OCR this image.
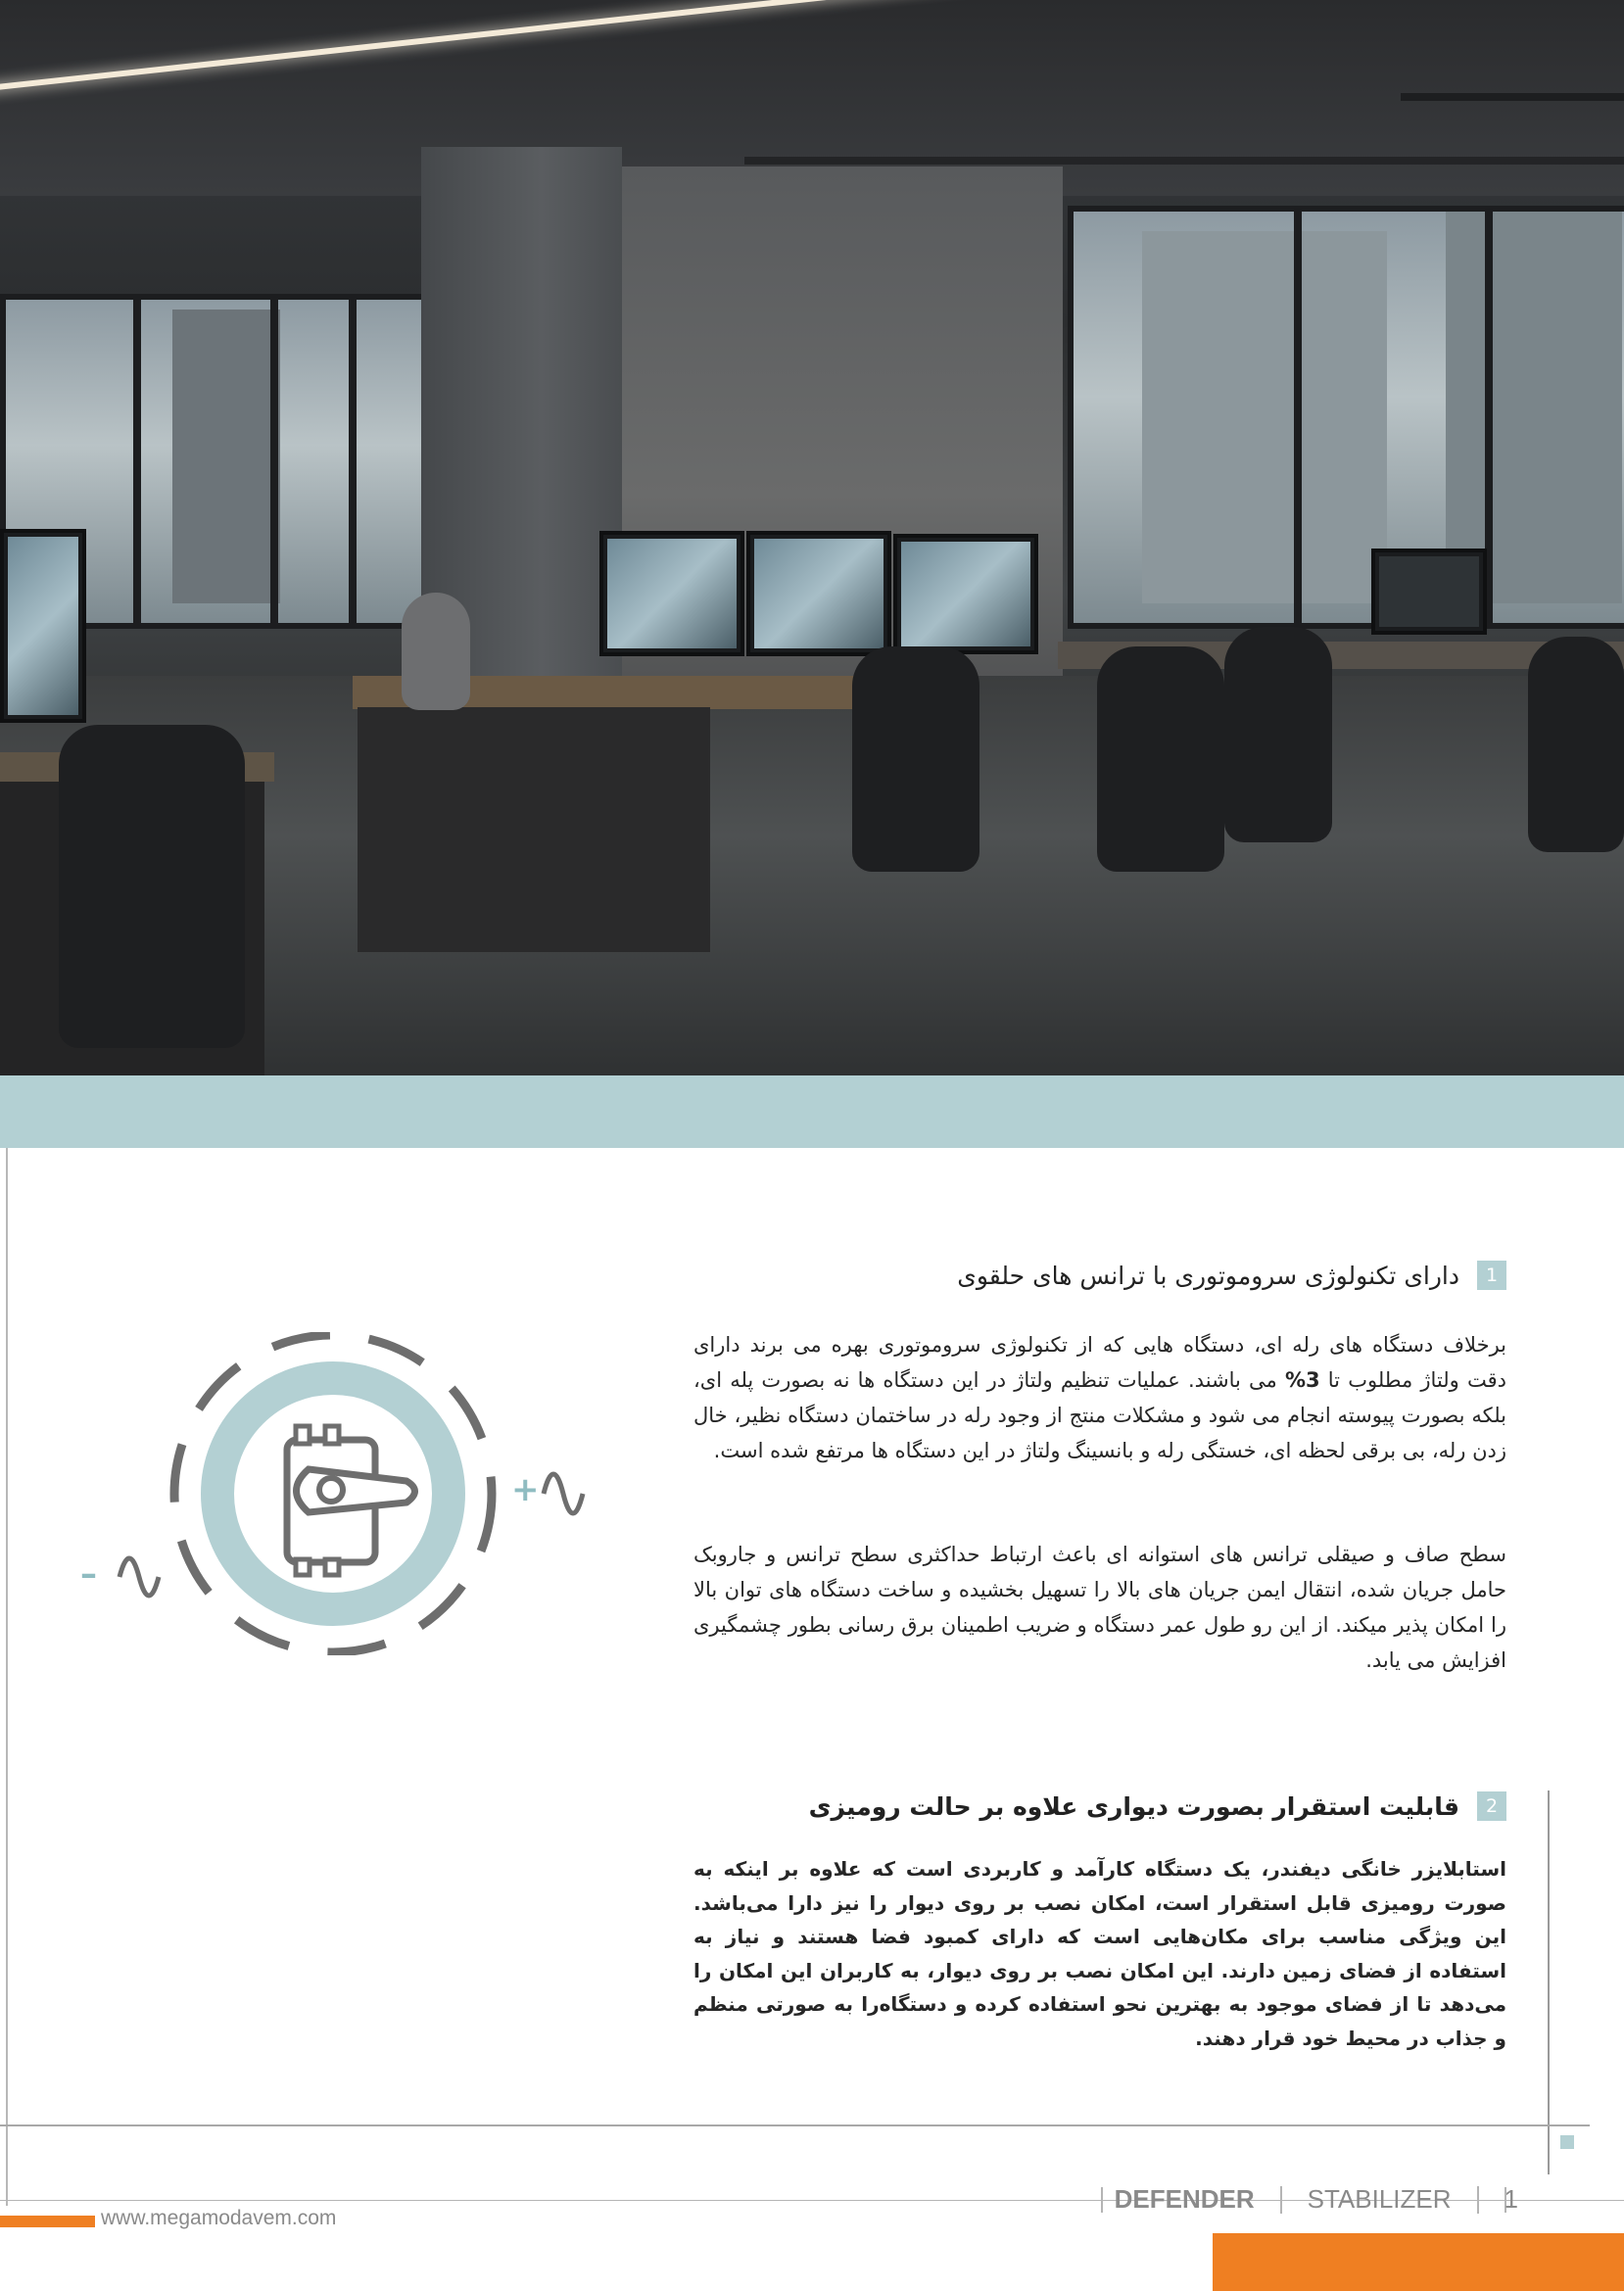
+
–
1
دارای تکنولوژی سروموتوری با ترانس های حلقوی
برخلاف دستگاه های رله ای، دستگاه هایی که از تکنولوژی سروموتوری بهره می برند دارای دقت ولتاژ مطلوب تا 3% می باشند. عملیات تنظیم ولتاژ در این دستگاه ها نه بصورت پله ای، بلکه بصورت پیوسته انجام می شود و مشکلات منتج از وجود رله در ساختمان دستگاه نظیر، خال زدن رله، بی برقی لحظه ای، خستگی رله و بانسینگ ولتاژ در این دستگاه ها مرتفع شده است.
سطح صاف و صیقلی ترانس های استوانه ای باعث ارتباط حداکثری سطح ترانس و جاروبک حامل جریان شده، انتقال ایمن جریان های بالا را تسهیل بخشیده و ساخت دستگاه های توان بالا را امکان پذیر میکند. از این رو طول عمر دستگاه و ضریب اطمینان برق رسانی بطور چشمگیری افزایش می یابد.
2
قابلیت استقرار بصورت دیواری علاوه بر حالت رومیزی
استابلایزر خانگی دیفندر، یک دستگاه کارآمد و کاربردی است که علاوه بر اینکه به صورت رومیزی قابل استقرار است، امکان نصب بر روی دیوار را نیز دارا می‌باشد. این ویژگی مناسب برای مکان‌هایی است که دارای کمبود فضا هستند و نیاز به استفاده از فضای زمین دارند. این امکان نصب بر روی دیوار، به کاربران این امکان را می‌دهد تا از فضای موجود به بهترین نحو استفاده کرده و دستگاه‌را به صورتی منظم و جذاب در محیط خود قرار دهند.
www.megamodavem.com
DEFENDER STABILIZER 1
